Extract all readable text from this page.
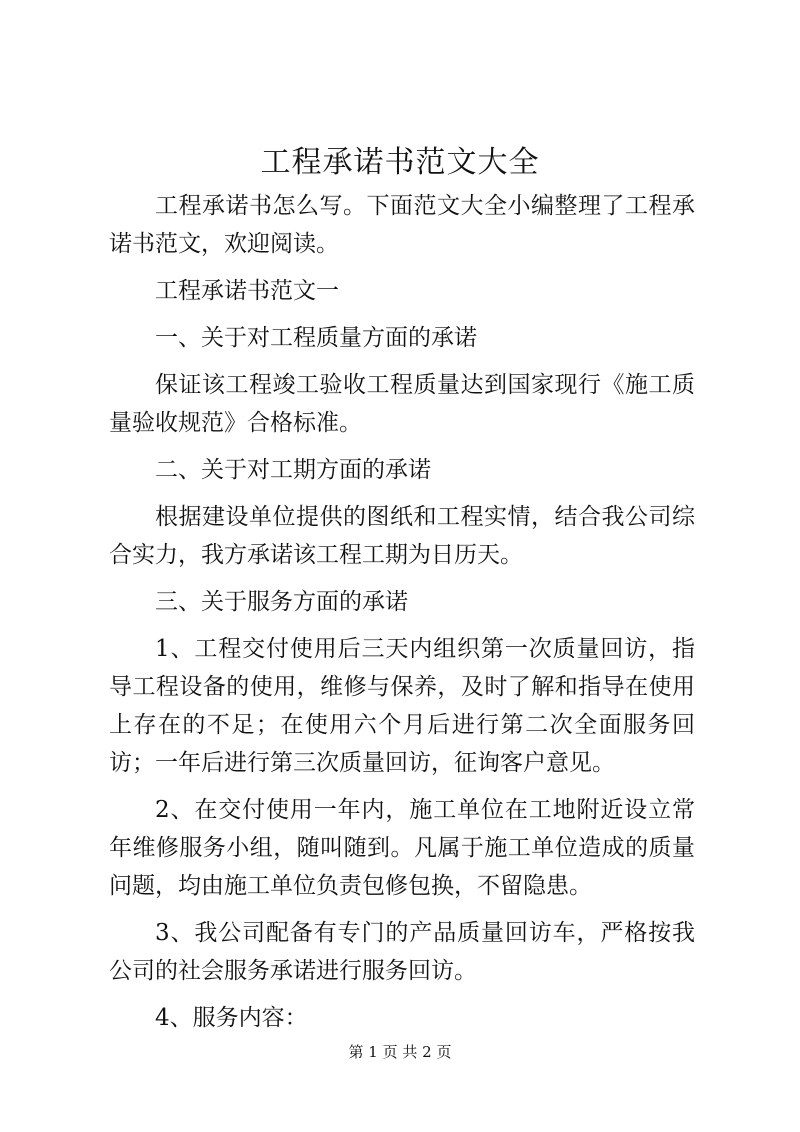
工程承诺书范文大全

工程承诺书怎么写。下面范文大全小编整理了工程承诺书范文，欢迎阅读。

工程承诺书范文一

一、关于对工程质量方面的承诺

保证该工程竣工验收工程质量达到国家现行《施工质量验收规范》合格标准。

二、关于对工期方面的承诺

根据建设单位提供的图纸和工程实情，结合我公司综合实力，我方承诺该工程工期为日历天。

三、关于服务方面的承诺

1、工程交付使用后三天内组织第一次质量回访，指导工程设备的使用，维修与保养，及时了解和指导在使用上存在的不足；在使用六个月后进行第二次全面服务回访；一年后进行第三次质量回访，征询客户意见。

2、在交付使用一年内，施工单位在工地附近设立常年维修服务小组，随叫随到。凡属于施工单位造成的质量问题，均由施工单位负责包修包换，不留隐患。

3、我公司配备有专门的产品质量回访车，严格按我公司的社会服务承诺进行服务回访。

4、服务内容：

第 1 页 共 2 页
